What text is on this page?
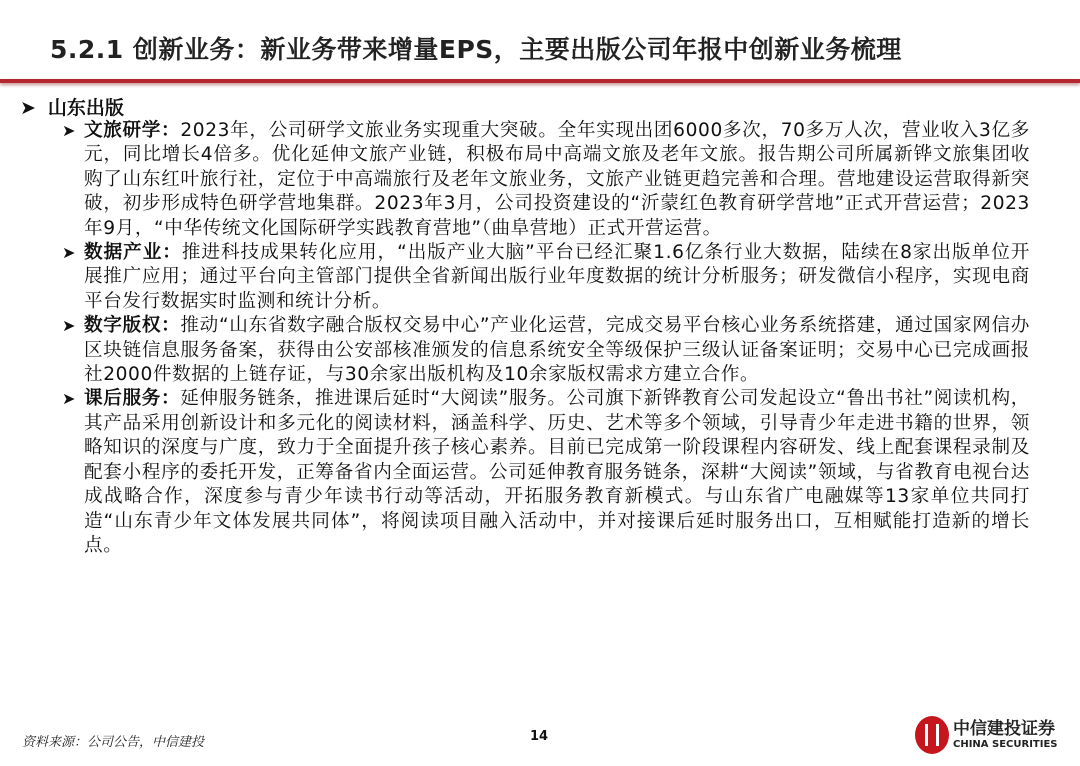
5.2.1 创新业务：新业务带来增量EPS，主要出版公司年报中创新业务梳理
➤ 山东出版
➤ 文旅研学：2023年，公司研学文旅业务实现重大突破。全年实现出团6000多次，70多万人次，营业收入3亿多元，同比增长4倍多。优化延伸文旅产业链，积极布局中高端文旅及老年文旅。报告期公司所属新铧文旅集团收购了山东红叶旅行社，定位于中高端旅行及老年文旅业务，文旅产业链更趋完善和合理。营地建设运营取得新突破，初步形成特色研学营地集群。2023年3月，公司投资建设的“沂蒙红色教育研学营地”正式开营运营；2023年9月，“中华传统文化国际研学实践教育营地”（曲阜营地）正式开营运营。
➤ 数据产业：推进科技成果转化应用，“出版产业大脑”平台已经汇聚1.6亿条行业大数据，陆续在8家出版单位开展推广应用；通过平台向主管部门提供全省新闻出版行业年度数据的统计分析服务；研发微信小程序，实现电商平台发行数据实时监测和统计分析。
➤ 数字版权：推动“山东省数字融合版权交易中心”产业化运营，完成交易平台核心业务系统搭建，通过国家网信办区块链信息服务备案，获得由公安部核准颁发的信息系统安全等级保护三级认证备案证明；交易中心已完成画报社2000件数据的上链存证，与30余家出版机构及10余家版权需求方建立合作。
➤ 课后服务：延伸服务链条，推进课后延时“大阅读”服务。公司旗下新铧教育公司发起设立“鲁出书社”阅读机构，其产品采用创新设计和多元化的阅读材料，涵盖科学、历史、艺术等多个领域，引导青少年走进书籍的世界，领略知识的深度与广度，致力于全面提升孩子核心素养。目前已完成第一阶段课程内容研发、线上配套课程录制及配套小程序的委托开发，正筹备省内全面运营。公司延伸教育服务链条，深耕“大阅读”领域，与省教育电视台达成战略合作，深度参与青少年读书行动等活动，开拓服务教育新模式。与山东省广电融媒等13家单位共同打造“山东青少年文体发展共同体”，将阅读项目融入活动中，并对接课后延时服务出口，互相赋能打造新的增长点。
资料来源：公司公告，中信建投	14	中信建投证券
CHINA SECURITIES
